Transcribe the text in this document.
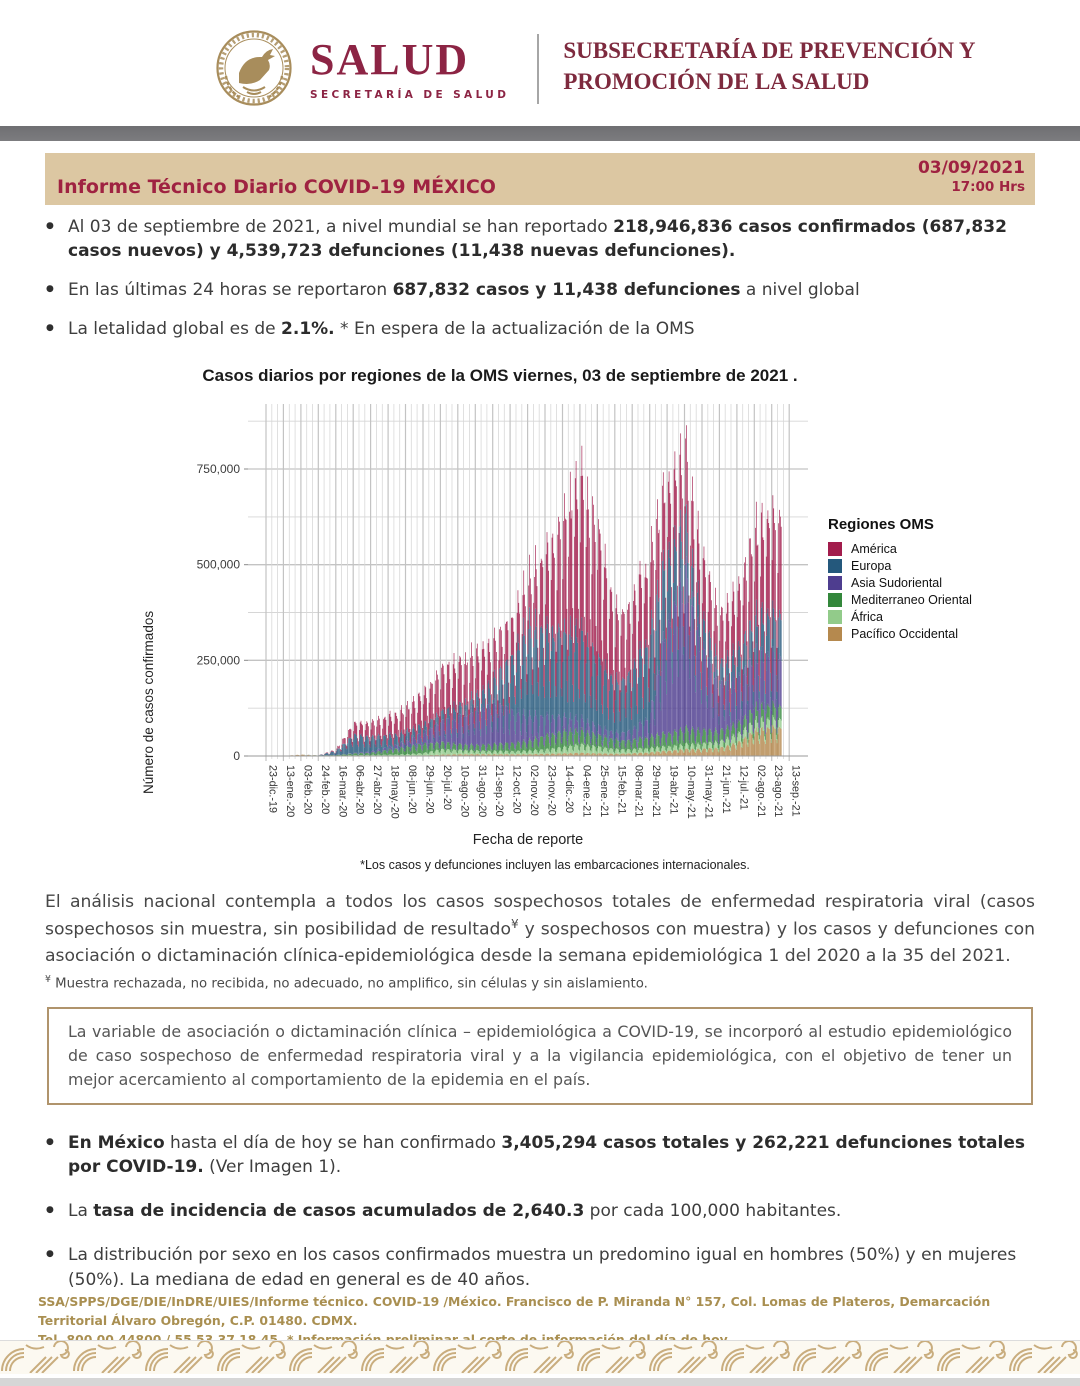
SALUD
SECRETARÍA DE SALUD
SUBSECRETARÍA DE PREVENCIÓN Y
PROMOCIÓN DE LA SALUD
Informe Técnico Diario COVID-19 MÉXICO
03/09/2021
17:00 Hrs
● Al 03 de septiembre de 2021, a nivel mundial se han reportado 218,946,836 casos confirmados (687,832 casos nuevos) y 4,539,723 defunciones (11,438 nuevas defunciones).
● En las últimas 24 horas se reportaron 687,832 casos y 11,438 defunciones a nivel global
● La letalidad global es de 2.1%. * En espera de la actualización de la OMS
Casos diarios por regiones de la OMS viernes, 03 de septiembre de 2021 .
Número de casos confirmados	0
250,000
500,000
750,000
23-dic.-19 13-ene.-20 03-feb.-20 24-feb.-20 16-mar.-20 06-abr.-20 27-abr.-20 18-may.-20 08-jun.-20 29-jun.-20 20-jul.-20 10-ago.-20 31-ago.-20 21-sep.-20 12-oct.-20 02-nov.-20 23-nov.-20 14-dic.-20 04-ene.-21 25-ene.-21 15-feb.-21 08-mar.-21 29-mar.-21 19-abr.-21 10-may.-21 31-may.-21 21-jun.-21 12-jul.-21 02-ago.-21 23-ago.-21 13-sep.-21
Fecha de reporte
*Los casos y defunciones incluyen las embarcaciones internacionales.
Regiones OMS
América
Europa
Asia Sudoriental
Mediterraneo Oriental
África
Pacífico Occidental
El análisis nacional contempla a todos los casos sospechosos totales de enfermedad respiratoria viral (casos sospechosos sin muestra, sin posibilidad de resultado¥ y sospechosos con muestra) y los casos y defunciones con asociación o dictaminación clínica-epidemiológica desde la semana epidemiológica 1 del 2020 a la 35 del 2021.
¥ Muestra rechazada, no recibida, no adecuado, no amplifico, sin células y sin aislamiento.
La variable de asociación o dictaminación clínica – epidemiológica a COVID-19, se incorporó al estudio epidemiológico de caso sospechoso de enfermedad respiratoria viral y a la vigilancia epidemiológica, con el objetivo de tener un mejor acercamiento al comportamiento de la epidemia en el país.
● En México hasta el día de hoy se han confirmado 3,405,294 casos totales y 262,221 defunciones totales por COVID-19. (Ver Imagen 1).
● La tasa de incidencia de casos acumulados de 2,640.3 por cada 100,000 habitantes.
● La distribución por sexo en los casos confirmados muestra un predomino igual en hombres (50%) y en mujeres (50%). La mediana de edad en general es de 40 años.
SSA/SPPS/DGE/DIE/InDRE/UIES/Informe técnico. COVID-19 /México. Francisco de P. Miranda N° 157, Col. Lomas de Plateros, Demarcación Territorial Álvaro Obregón, C.P. 01480. CDMX.
